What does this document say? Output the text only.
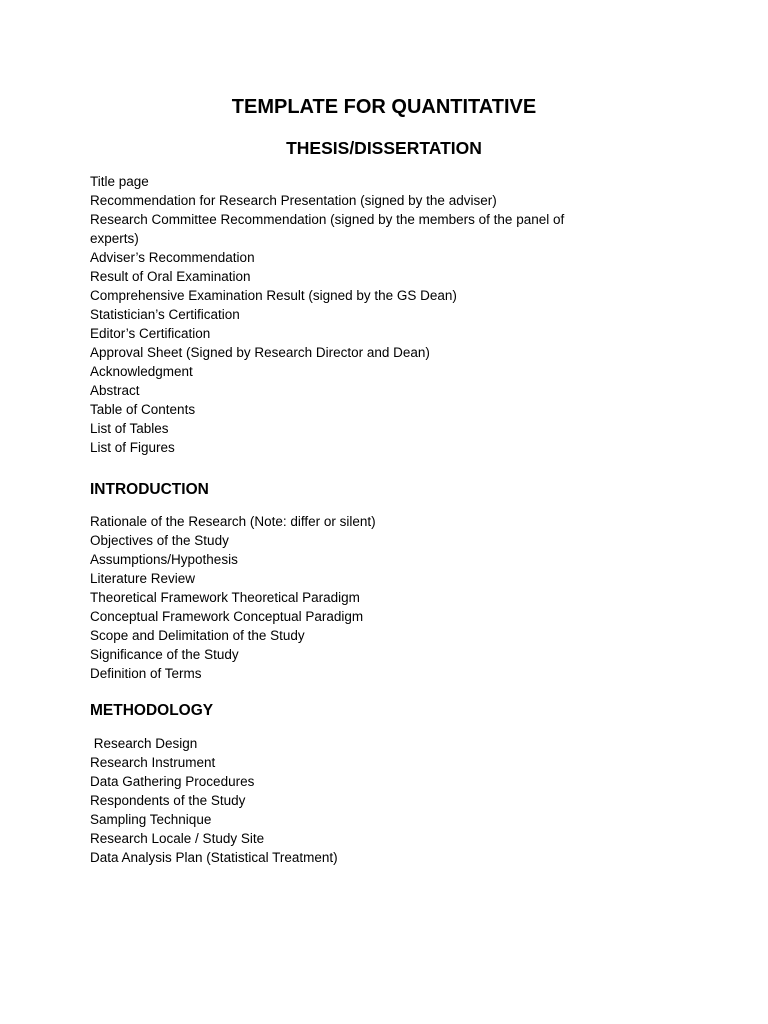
TEMPLATE FOR QUANTITATIVE
THESIS/DISSERTATION
Title page
Recommendation for Research Presentation (signed by the adviser)
Research Committee Recommendation (signed by the members of the panel of experts)
Adviser’s Recommendation
Result of Oral Examination
Comprehensive Examination Result (signed by the GS Dean)
Statistician’s Certification
Editor’s Certification
Approval Sheet (Signed by Research Director and Dean)
Acknowledgment
Abstract
Table of Contents
List of Tables
List of Figures
INTRODUCTION
Rationale of the Research (Note: differ or silent)
Objectives of the Study
Assumptions/Hypothesis
Literature Review
Theoretical Framework Theoretical Paradigm
Conceptual Framework Conceptual Paradigm
Scope and Delimitation of the Study
Significance of the Study
Definition of Terms
METHODOLOGY
Research Design
Research Instrument
Data Gathering Procedures
Respondents of the Study
Sampling Technique
Research Locale / Study Site
Data Analysis Plan (Statistical Treatment)
